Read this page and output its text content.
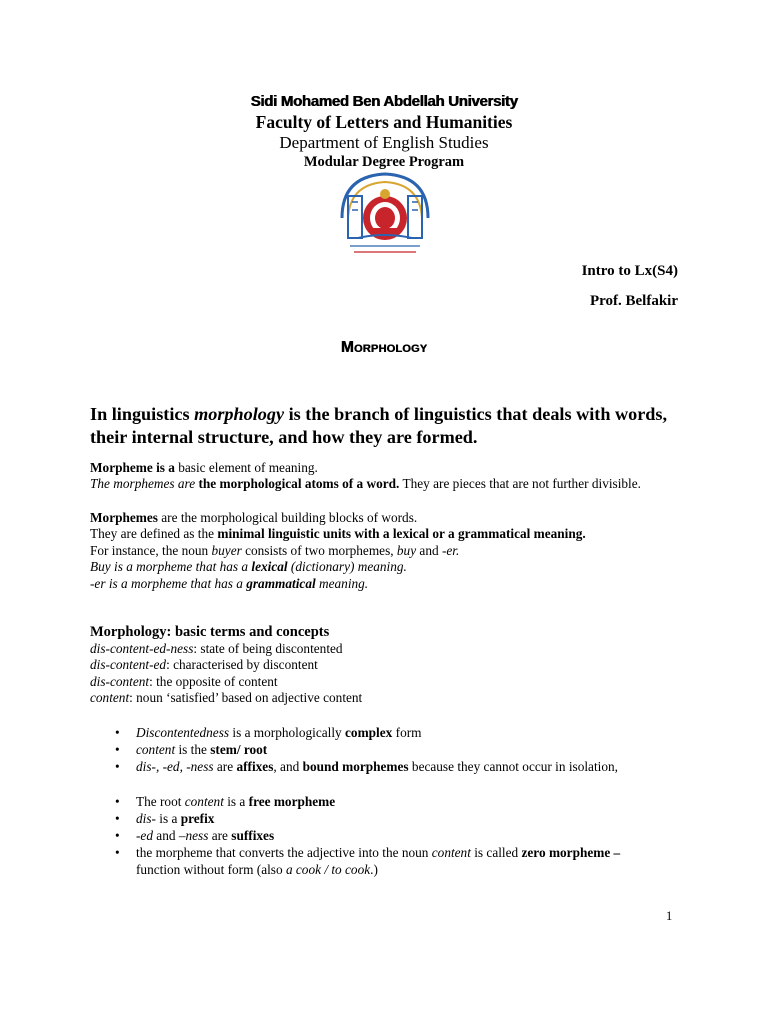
Sidi Mohamed Ben Abdellah University
Faculty of Letters and Humanities
Department of English Studies
Modular Degree Program
Intro to Lx(S4)
Prof. Belfakir
Morphology
In linguistics morphology is the branch of linguistics that deals with words,
their internal structure, and how they are formed.
Morpheme is a basic element of meaning.
The morphemes are the morphological atoms of a word. They are pieces that are not further divisible.
Morphemes are the morphological building blocks of words.
They are defined as the minimal linguistic units with a lexical or a grammatical meaning.
For instance, the noun buyer consists of two morphemes, buy and -er.
Buy is a morpheme that has a lexical (dictionary) meaning.
-er is a morpheme that has a grammatical meaning.
Morphology: basic terms and concepts
dis-content-ed-ness: state of being discontented
dis-content-ed: characterised by discontent
dis-content: the opposite of content
content: noun ‘satisfied’ based on adjective content
• Discontentedness is a morphologically complex form
• content is the stem/ root
• dis-, -ed, -ness are affixes, and bound morphemes because they cannot occur in isolation,
• The root content is a free morpheme
• dis- is a prefix
• -ed and –ness are suffixes
• the morpheme that converts the adjective into the noun content is called zero morpheme –
function without form (also a cook / to cook.)
1
